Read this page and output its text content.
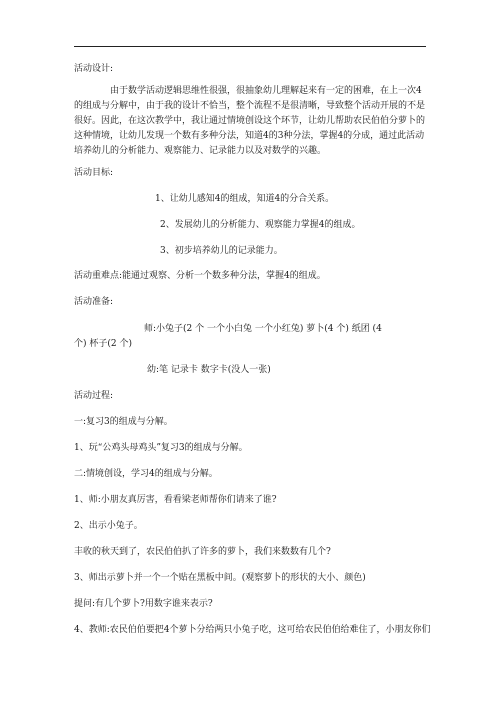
活动设计:
由于数学活动逻辑思维性很强，很抽象幼儿理解起来有一定的困难，在上一次4的组成与分解中，由于我的设计不恰当，整个流程不是很清晰，导致整个活动开展的不是很好。因此，在这次教学中，我让通过情境创设这个环节，让幼儿帮助农民伯伯分萝卜的这种情境，让幼儿发现一个数有多种分法，知道4的3种分法，掌握4的分成，通过此活动培养幼儿的分析能力、观察能力、记录能力以及对数学的兴趣。
活动目标:
1、让幼儿感知4的组成，知道4的分合关系。
2、发展幼儿的分析能力、观察能力掌握4的组成。
3、初步培养幼儿的记录能力。
活动重难点:能通过观察、分析一个数多种分法，掌握4的组成。
活动准备:
师:小兔子(2 个 一个小白兔 一个小红兔) 萝卜(4 个) 纸团 (4
个) 杯子(2 个)
幼:笔 记录卡 数字卡(没人一张)
活动过程:
一:复习3的组成与分解。
1、玩“公鸡头母鸡头”复习3的组成与分解。
二:情境创设，学习4的组成与分解。
1、师:小朋友真厉害，看看梁老师帮你们请来了谁?
2、出示小兔子。
丰收的秋天到了，农民伯伯扒了许多的萝卜，我们来数数有几个?
3、师出示萝卜并一个一个贴在黑板中间。(观察萝卜的形状的大小、颜色)
提问:有几个萝卜?用数字谁来表示?
4、教师:农民伯伯要把4个萝卜分给两只小兔子吃，这可给农民伯伯给难住了，小朋友你们
